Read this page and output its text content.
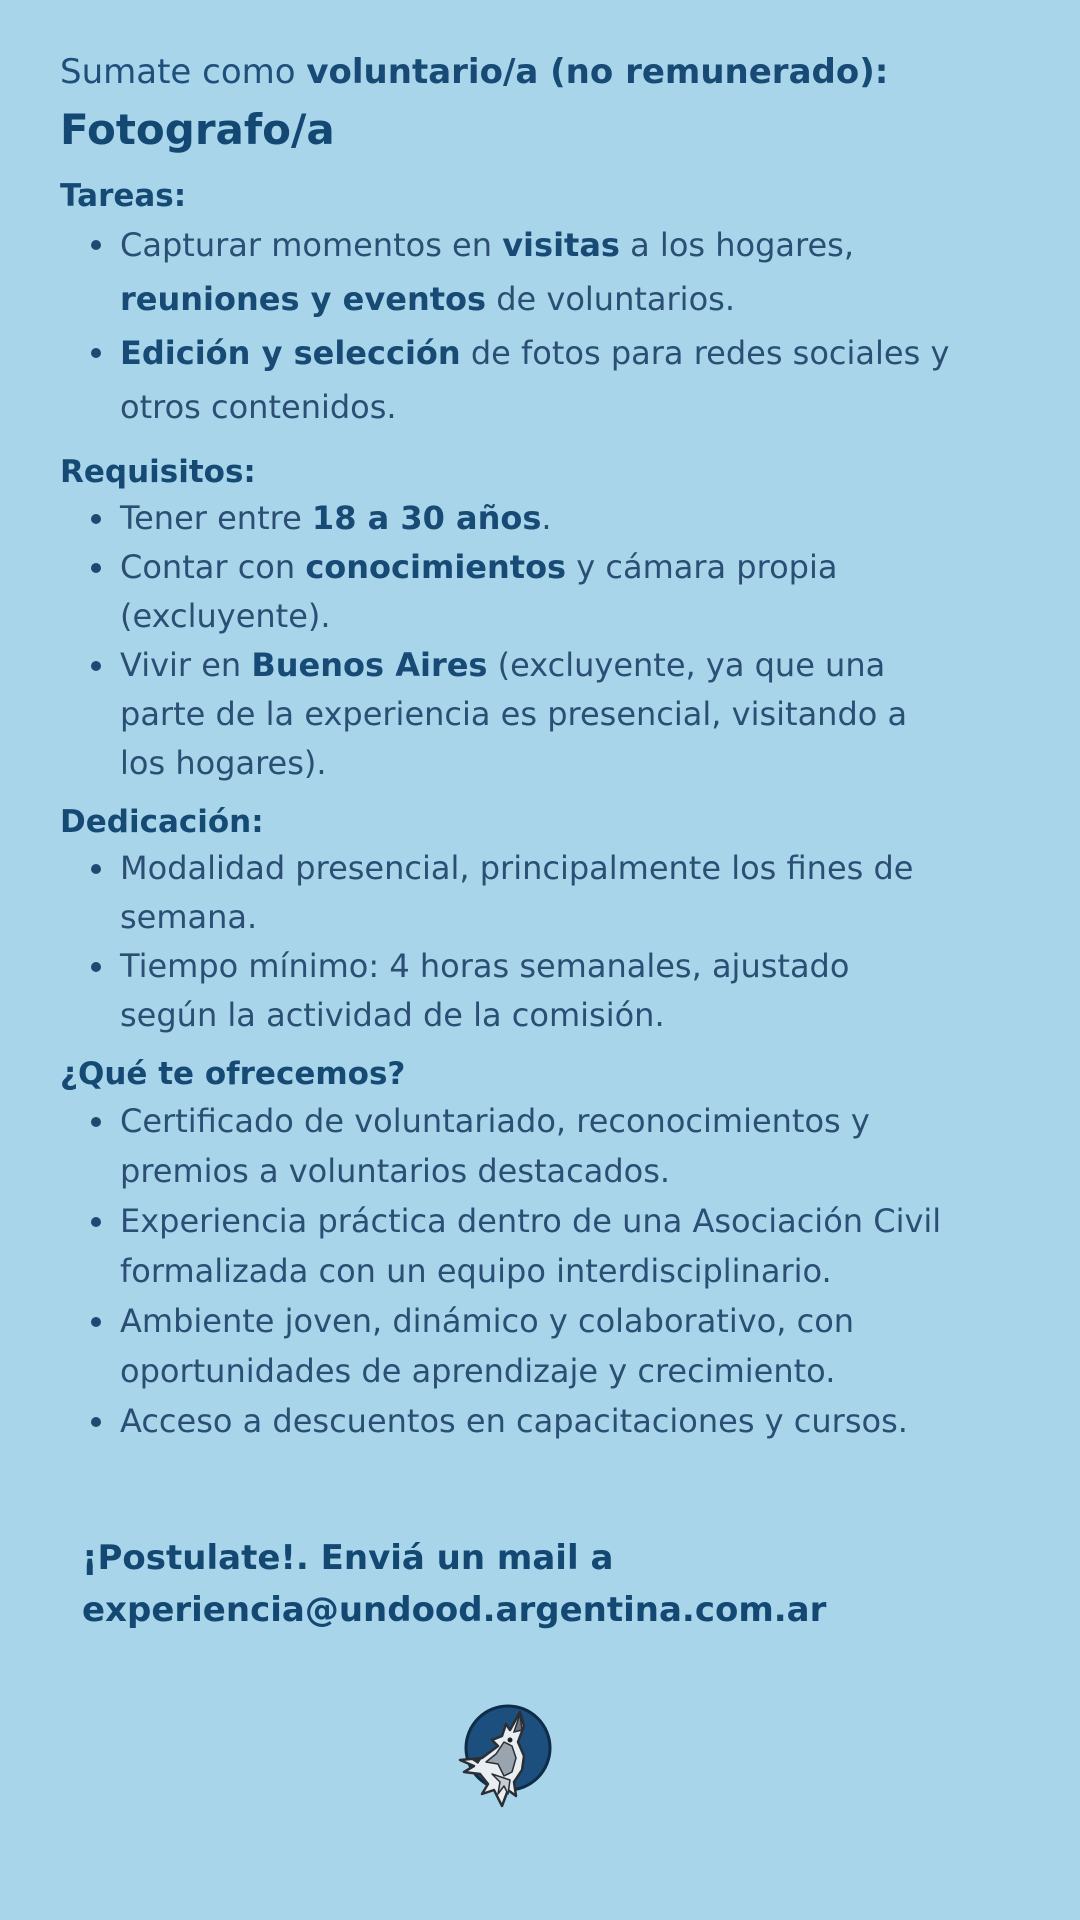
Sumate como voluntario/a (no remunerado):

Fotografo/a
Tareas:
Capturar momentos en visitas a los hogares,
reuniones y eventos de voluntarios.
Edición y selección de fotos para redes sociales y
otros contenidos.
Requisitos:
Tener entre 18 a 30 años.
Contar con conocimientos y cámara propia
(excluyente).
Vivir en Buenos Aires (excluyente, ya que una
parte de la experiencia es presencial, visitando a
los hogares).
Dedicación:
Modalidad presencial, principalmente los fines de
semana.
Tiempo mínimo: 4 horas semanales, ajustado
según la actividad de la comisión.
¿Qué te ofrecemos?
Certificado de voluntariado, reconocimientos y
premios a voluntarios destacados.
Experiencia práctica dentro de una Asociación Civil
formalizada con un equipo interdisciplinario.
Ambiente joven, dinámico y colaborativo, con
oportunidades de aprendizaje y crecimiento.
Acceso a descuentos en capacitaciones y cursos.

¡Postulate!. Enviá un mail a
experiencia@undood.argentina.com.ar
